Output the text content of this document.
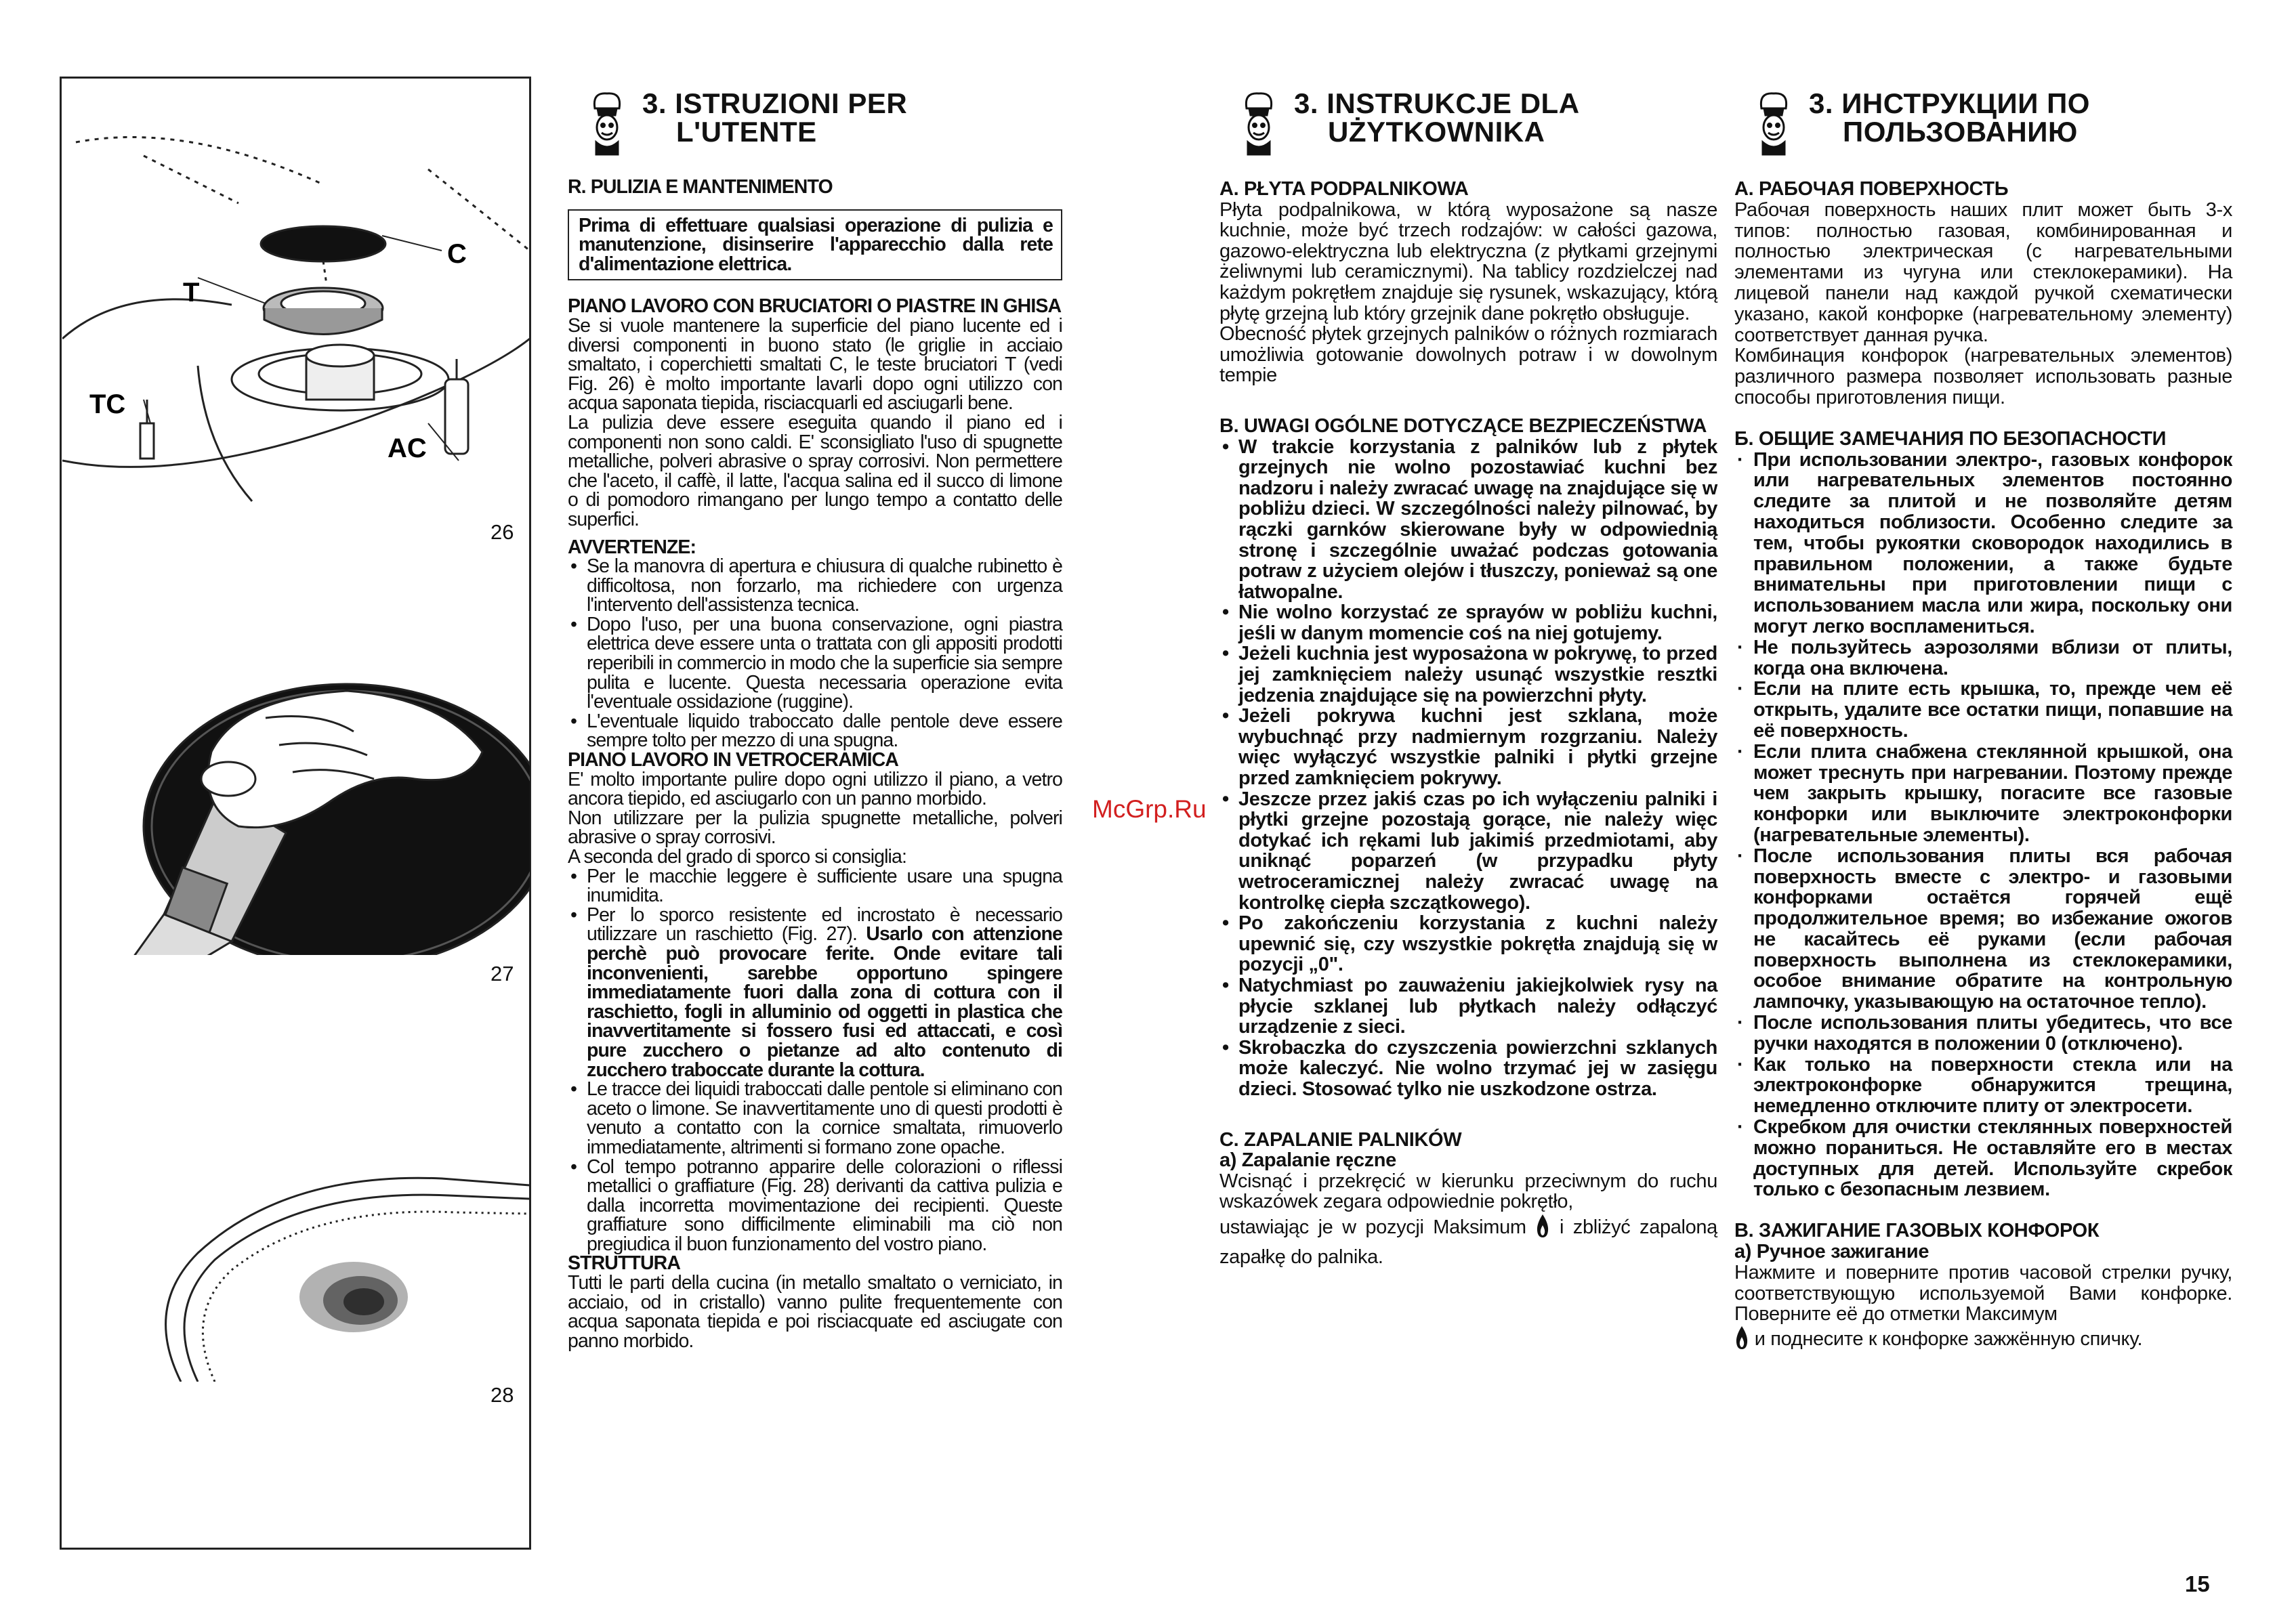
C
T
TC
AC
26
27
28
3. ISTRUZIONI PER
L'UTENTE

R. PULIZIA E MANTENIMENTO

Prima di effettuare qualsiasi operazione di pulizia e manutenzione, disinserire l'apparecchio dalla rete d'alimentazione elettrica.

PIANO LAVORO CON BRUCIATORI O PIASTRE IN GHISA

Se si vuole mantenere la superficie del piano lucente ed i diversi componenti in buono stato (le griglie in acciaio smaltato, i coperchietti smaltati C, le teste bruciatori T (vedi Fig. 26) è molto importante lavarli dopo ogni utilizzo con acqua saponata tiepida, risciacquarli ed asciugarli bene.

La pulizia deve essere eseguita quando il piano ed i componenti non sono caldi. E' sconsigliato l'uso di spugnette metalliche, polveri abrasive o spray corrosivi. Non permettere che l'aceto, il caffè, il latte, l'acqua salina ed il succo di limone o di pomodoro rimangano per lungo tempo a contatto delle superfici.

AVVERTENZE:

• Se la manovra di apertura e chiusura di qualche rubinetto è difficoltosa, non forzarlo, ma richiedere con urgenza l'intervento dell'assistenza tecnica.
• Dopo l'uso, per una buona conservazione, ogni piastra elettrica deve essere unta o trattata con gli appositi prodotti reperibili in commercio in modo che la superficie sia sempre pulita e lucente. Questa necessaria operazione evita l'eventuale ossidazione (ruggine).
• L'eventuale liquido traboccato dalle pentole deve essere sempre tolto per mezzo di una spugna.

PIANO LAVORO IN VETROCERAMICA

E' molto importante pulire dopo ogni utilizzo il piano, a vetro ancora tiepido, ed asciugarlo con un panno morbido.

Non utilizzare per la pulizia spugnette metalliche, polveri abrasive o spray corrosivi.

A seconda del grado di sporco si consiglia:

• Per le macchie leggere è sufficiente usare una spugna inumidita.
• Per lo sporco resistente ed incrostato è necessario utilizzare un raschietto (Fig. 27). Usarlo con attenzione perchè può provocare ferite. Onde evitare tali inconvenienti, sarebbe opportuno spingere immediatamente fuori dalla zona di cottura con il raschietto, fogli in alluminio od oggetti in plastica che inavvertitamente si fossero fusi ed attaccati, e così pure zucchero o pietanze ad alto contenuto di zucchero traboccate durante la cottura.
• Le tracce dei liquidi traboccati dalle pentole si eliminano con aceto o limone. Se inavvertitamente uno di questi prodotti è venuto a contatto con la cornice smaltata, rimuoverlo immediatamente, altrimenti si formano zone opache.
• Col tempo potranno apparire delle colorazioni o riflessi metallici o graffiature (Fig. 28) derivanti da cattiva pulizia e dalla incorretta movimentazione dei recipienti. Queste graffiature sono difficilmente eliminabili ma ciò non pregiudica il buon funzionamento del vostro piano.

STRUTTURA

Tutti le parti della cucina (in metallo smaltato o verniciato, in acciaio, od in cristallo) vanno pulite frequentemente con acqua saponata tiepida e poi risciacquate ed asciugate con panno morbido.

3. INSTRUKCJE DLA
UŻYTKOWNIKA

A. PŁYTA PODPALNIKOWA

Płyta podpalnikowa, w którą wyposażone są nasze kuchnie, może być trzech rodzajów: w całości gazowa, gazowo-elektryczna lub elektryczna (z płytkami grzejnymi żeliwnymi lub ceramicznymi). Na tablicy rozdzielczej nad każdym pokrętłem znajduje się rysunek, wskazujący, którą płytę grzejną lub który grzejnik dane pokrętło obsługuje.

Obecność płytek grzejnych palników o różnych rozmiarach umożliwia gotowanie dowolnych potraw i w dowolnym tempie

B. UWAGI OGÓLNE DOTYCZĄCE BEZPIECZEŃSTWA

• W trakcie korzystania z palników lub z płytek grzejnych nie wolno pozostawiać kuchni bez nadzoru i należy zwracać uwagę na znajdujące się w pobliżu dzieci. W szczególności należy pilnować, by rączki garnków skierowane były w odpowiednią stronę i szczególnie uważać podczas gotowania potraw z użyciem olejów i tłuszczy, ponieważ są one łatwopalne.
• Nie wolno korzystać ze sprayów w pobliżu kuchni, jeśli w danym momencie coś na niej gotujemy.
• Jeżeli kuchnia jest wyposażona w pokrywę, to przed jej zamknięciem należy usunąć wszystkie resztki jedzenia znajdujące się na powierzchni płyty.
• Jeżeli pokrywa kuchni jest szklana, może wybuchnąć przy nadmiernym rozgrzaniu. Należy więc wyłączyć wszystkie palniki i płytki grzejne przed zamknięciem pokrywy.
• Jeszcze przez jakiś czas po ich wyłączeniu palniki i płytki grzejne pozostają gorące, nie należy więc dotykać ich rękami lub jakimiś przedmiotami, aby uniknąć poparzeń (w przypadku płyty wetroceramicznej należy zwracać uwagę na kontrolkę ciepła szczątkowego).
• Po zakończeniu korzystania z kuchni należy upewnić się, czy wszystkie pokrętła znajdują się w pozycji „0".
• Natychmiast po zauważeniu jakiejkolwiek rysy na płycie szklanej lub płytkach należy odłączyć urządzenie z sieci.
• Skrobaczka do czyszczenia powierzchni szklanych może kaleczyć. Nie wolno trzymać jej w zasięgu dzieci. Stosować tylko nie uszkodzone ostrza.

C. ZAPALANIE PALNIKÓW

a) Zapalanie ręczne

Wcisnąć i przekręcić w kierunku przeciwnym do ruchu wskazówek zegara odpowiednie pokrętło,

ustawiając je w pozycji Maksimum i zbliżyć zapaloną zapałkę do palnika.

3. ИНСТРУКЦИИ ПО
ПОЛЬЗОВАНИЮ

А. РАБОЧАЯ ПОВЕРХНОСТЬ

Рабочая поверхность наших плит может быть 3-х типов: полностью газовая, комбинированная и полностью электрическая (с нагревательными элементами из чугуна или стеклокерамики). На лицевой панели над каждой ручкой схематически указано, какой конфорке (нагревательному элементу) соответствует данная ручка.

Комбинация конфорок (нагревательных элементов) различного размера позволяет использовать разные способы приготовления пищи.

Б. ОБЩИЕ ЗАМЕЧАНИЯ ПО БЕЗОПАСНОСТИ

· При использовании электро-, газовых конфорок или нагревательных элементов постоянно следите за плитой и не позволяйте детям находиться поблизости. Особенно следите за тем, чтобы рукоятки сковородок находились в правильном положении, а также будьте внимательны при приготовлении пищи с использованием масла или жира, поскольку они могут легко воспламениться.
· Не пользуйтесь аэрозолями вблизи от плиты, когда она включена.
· Если на плите есть крышка, то, прежде чем её открыть, удалите все остатки пищи, попавшие на её поверхность.
· Если плита снабжена стеклянной крышкой, она может треснуть при нагревании. Поэтому прежде чем закрыть крышку, погасите все газовые конфорки или выключите электроконфорки (нагревательные элементы).
· После использования плиты вся рабочая поверхность вместе с электро- и газовыми конфорками остаётся горячей ещё продолжительное время; во избежание ожогов не касайтесь её руками (если рабочая поверхность выполнена из стеклокерамики, особое внимание обратите на контрольную лампочку, указывающую на остаточное тепло).
· После использования плиты убедитесь, что все ручки находятся в положении 0 (отключено).
· Как только на поверхности стекла или на электроконфорке обнаружится трещина, немедленно отключите плиту от электросети.
· Скребком для очистки стеклянных поверхностей можно пораниться. Не оставляйте его в местах доступных для детей. Используйте скребок только с безопасным лезвием.

В. ЗАЖИГАНИЕ ГАЗОВЫХ КОНФОРОК

а) Ручное зажигание

Нажмите и поверните против часовой стрелки ручку, соответствующую используемой Вами конфорке. Поверните её до отметки Максимум

и поднесите к конфорке зажжённую спичку.

McGrp.Ru
15
